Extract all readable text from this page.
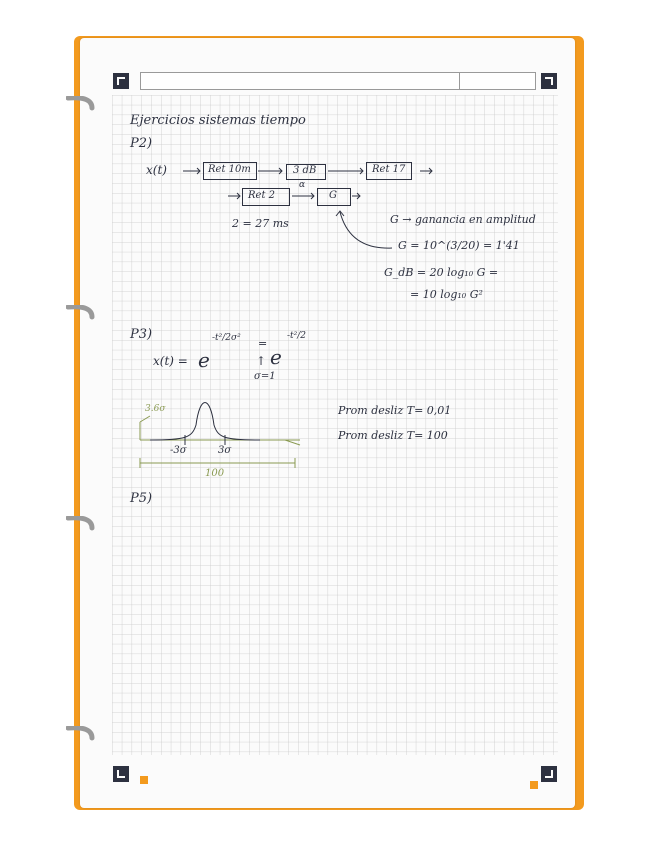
Ejercicios sistemas tiempo
P2)
x(t)	Ret 10m	3 dB
α
Ret 17
Ret 2	G
2 = 27 ms	G → ganancia en amplitud
G = 10^(3/20) = 1'41
G_dB = 20 log₁₀ G =
= 10 log₁₀ G²
P3)
x(t) = e
-t²/2σ² =
e
-t²/2
↑
σ=1
3.6σ
-3σ	3σ
100
Prom desliz T= 0,01
Prom desliz T= 100
P5)
